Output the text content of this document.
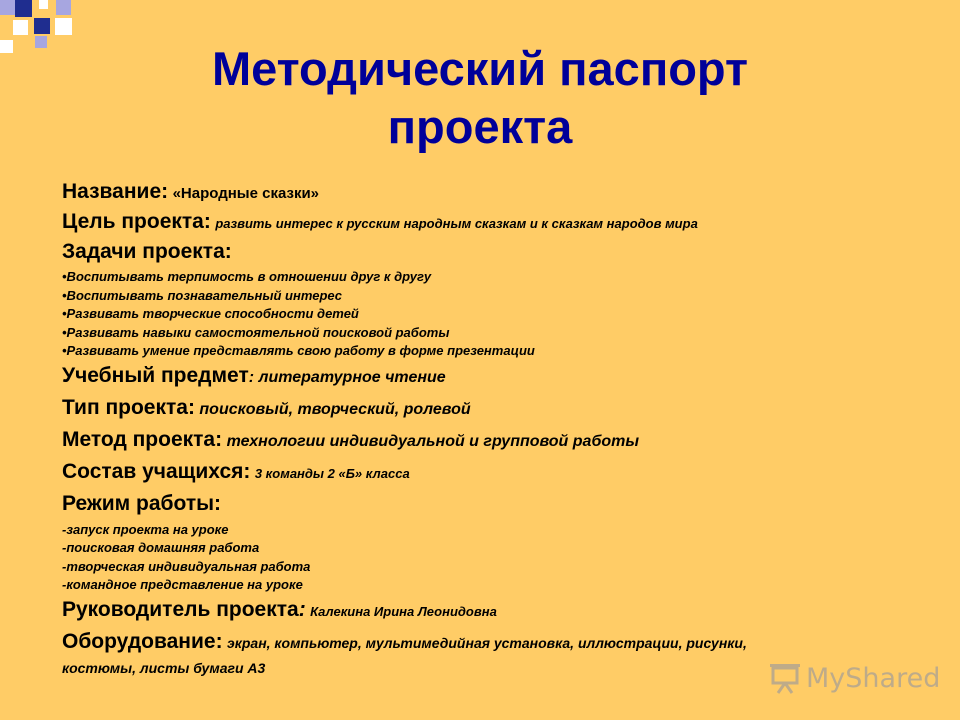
Методический паспорт
проекта
Название: «Народные сказки»
Цель проекта: развить интерес к русским народным сказкам и к сказкам народов мира
Задачи проекта:
•Воспитывать терпимость в отношении друг к другу
•Воспитывать познавательный интерес
•Развивать творческие способности детей
•Развивать навыки самостоятельной поисковой работы
•Развивать умение представлять свою работу в форме презентации
Учебный предмет: литературное чтение
Тип проекта: поисковый, творческий, ролевой
Метод проекта: технологии индивидуальной и групповой работы
Состав учащихся: 3 команды 2 «Б» класса
Режим работы:
-запуск проекта на уроке
-поисковая домашняя работа
-творческая индивидуальная работа
-командное представление на уроке
Руководитель проекта: Калекина Ирина Леонидовна
Оборудование: экран, компьютер, мультимедийная установка, иллюстрации, рисунки,
костюмы, листы бумаги А3	MyShared
